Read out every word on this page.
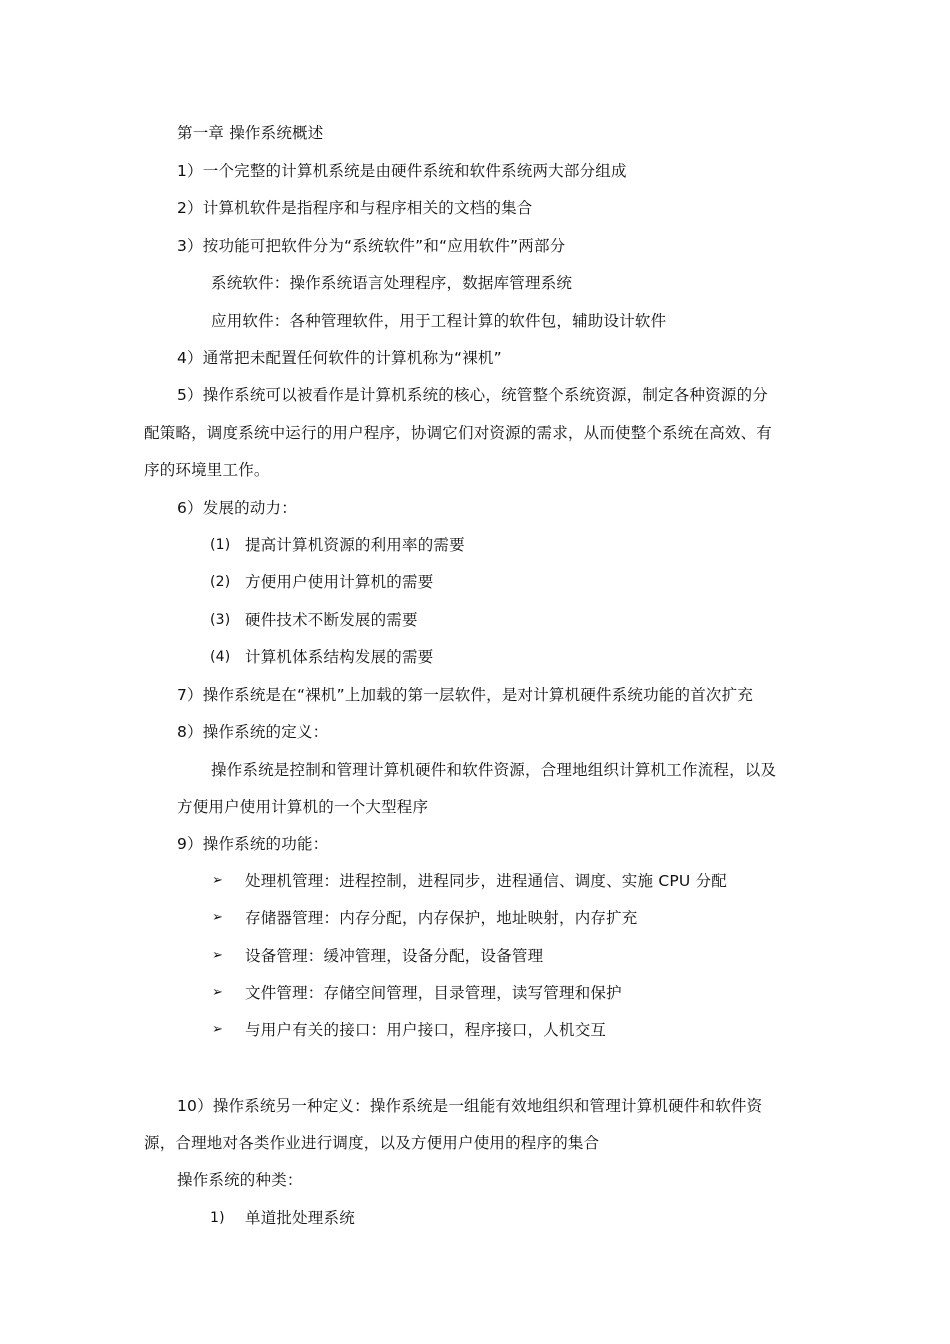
第一章 操作系统概述
1）一个完整的计算机系统是由硬件系统和软件系统两大部分组成
2）计算机软件是指程序和与程序相关的文档的集合
3）按功能可把软件分为“系统软件”和“应用软件”两部分
系统软件：操作系统语言处理程序，数据库管理系统
应用软件：各种管理软件，用于工程计算的软件包，辅助设计软件
4）通常把未配置任何软件的计算机称为“裸机”
5）操作系统可以被看作是计算机系统的核心，统管整个系统资源，制定各种资源的分
配策略，调度系统中运行的用户程序，协调它们对资源的需求，从而使整个系统在高效、有
序的环境里工作。
6）发展的动力：
(1) 提高计算机资源的利用率的需要
(2) 方便用户使用计算机的需要
(3) 硬件技术不断发展的需要
(4) 计算机体系结构发展的需要
7）操作系统是在“裸机”上加载的第一层软件，是对计算机硬件系统功能的首次扩充
8）操作系统的定义：
操作系统是控制和管理计算机硬件和软件资源，合理地组织计算机工作流程，以及
方便用户使用计算机的一个大型程序
9）操作系统的功能：
➢ 处理机管理：进程控制，进程同步，进程通信、调度、实施 CPU 分配
➢ 存储器管理：内存分配，内存保护，地址映射，内存扩充
➢ 设备管理：缓冲管理，设备分配，设备管理
➢ 文件管理：存储空间管理，目录管理，读写管理和保护
➢ 与用户有关的接口：用户接口，程序接口，人机交互
10）操作系统另一种定义：操作系统是一组能有效地组织和管理计算机硬件和软件资
源，合理地对各类作业进行调度，以及方便用户使用的程序的集合
操作系统的种类：
1) 单道批处理系统
